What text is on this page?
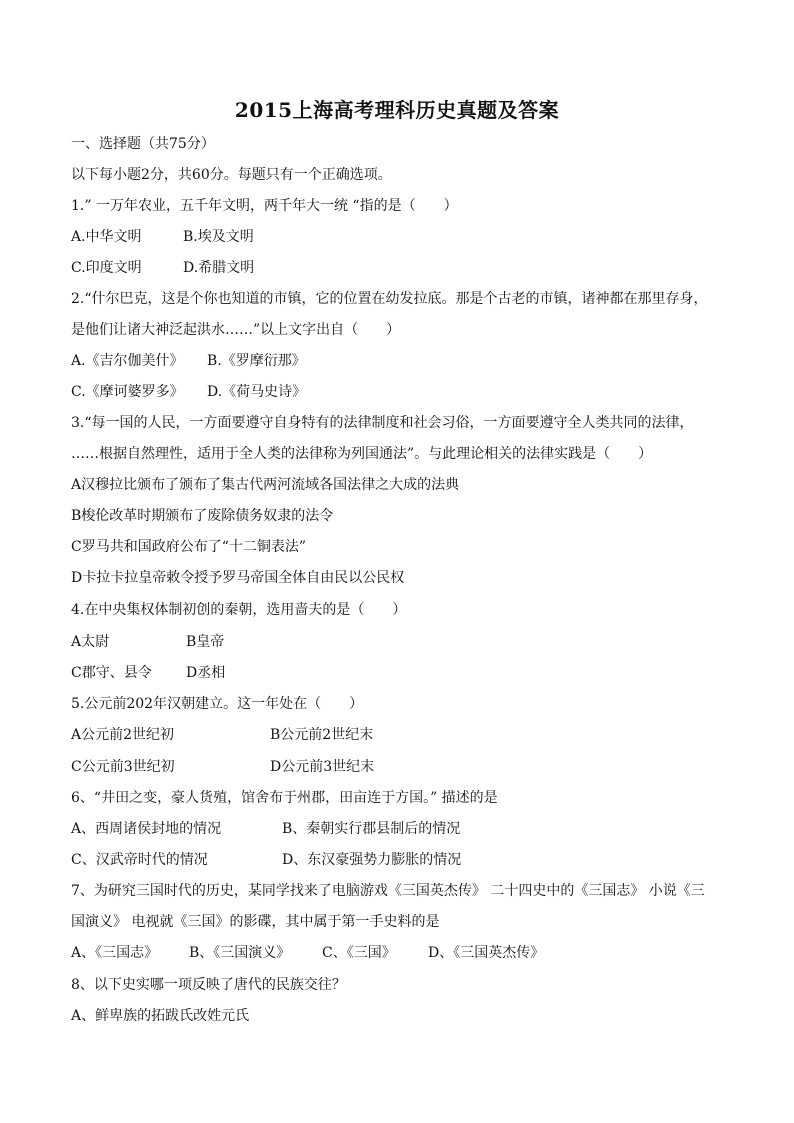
2015上海高考理科历史真题及答案
一、选择题（共75分）
以下每小题2分，共60分。每题只有一个正确选项。
1.” 一万年农业，五千年文明，两千年大一统 “指的是（　　）
A.中华文明	B.埃及文明
C.印度文明	D.希腊文明
2.“什尔巴克，这是个你也知道的市镇，它的位置在幼发拉底。那是个古老的市镇，诸神都在那里存身，
是他们让诸大神泛起洪水……”以上文字出自（　　）
A.《吉尔伽美什》 B.《罗摩衍那》
C.《摩诃婆罗多》 D.《荷马史诗》
3.“每一国的人民，一方面要遵守自身特有的法律制度和社会习俗，一方面要遵守全人类共同的法律，
……根据自然理性，适用于全人类的法律称为列国通法”。与此理论相关的法律实践是（　　）
A汉穆拉比颁布了颁布了集古代两河流域各国法律之大成的法典
B梭伦改革时期颁布了废除债务奴隶的法令
C罗马共和国政府公布了“十二铜表法”
D卡拉卡拉皇帝敕令授予罗马帝国全体自由民以公民权
4.在中央集权体制初创的秦朝，选用啬夫的是（　　）
A太尉	B皇帝
C郡守、县令 D丞相
5.公元前202年汉朝建立。这一年处在（　　）
A公元前2世纪初	B公元前2世纪末
C公元前3世纪初	D公元前3世纪末
6、“井田之变，豪人货殖，馆舍布于州郡，田亩连于方国。” 描述的是
A、西周诸侯封地的情况	B、秦朝实行郡县制后的情况
C、汉武帝时代的情况	D、东汉豪强势力膨胀的情况
7、为研究三国时代的历史，某同学找来了电脑游戏《三国英杰传》 二十四史中的《三国志》 小说《三
国演义》 电视就《三国》的影碟，其中属于第一手史料的是
A、《三国志》 B、《三国演义》 C、《三国》 D、《三国英杰传》
8、以下史实哪一项反映了唐代的民族交往？
A、鲜卑族的拓跋氏改姓元氏
